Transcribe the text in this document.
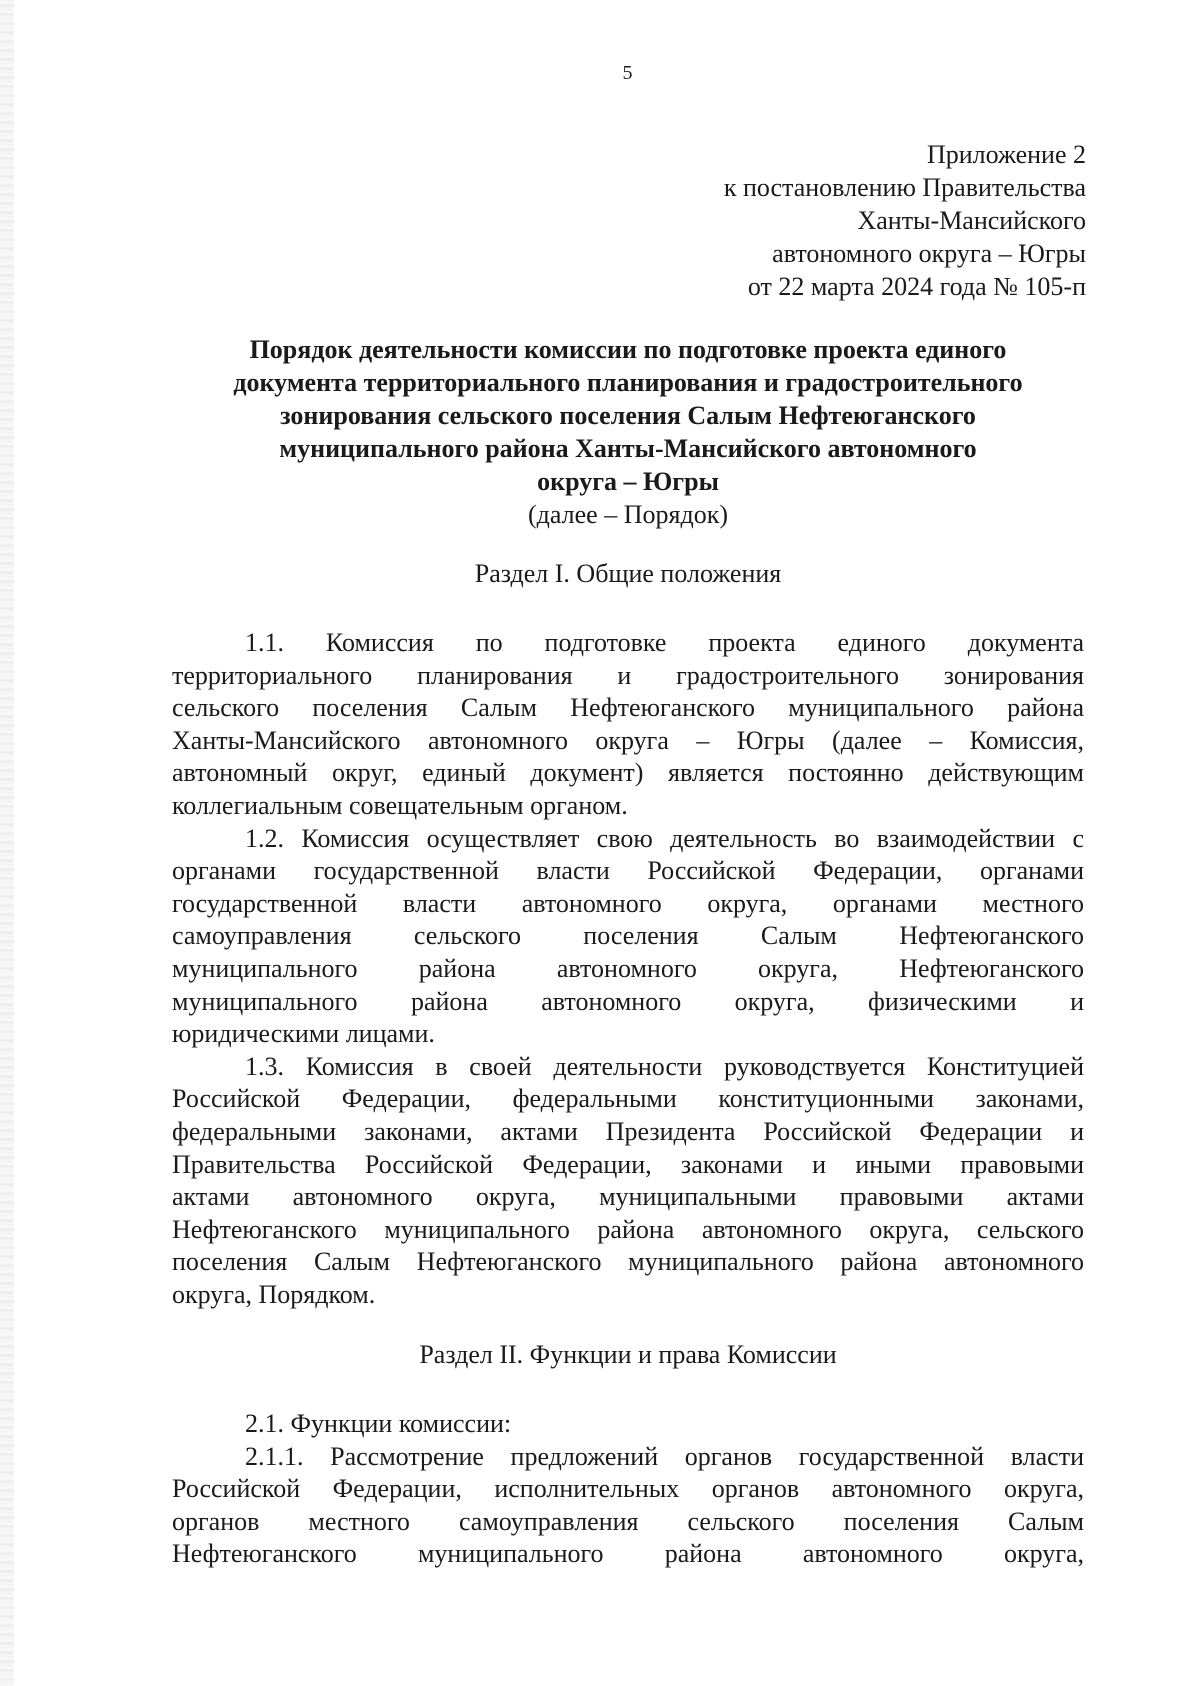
5
Приложение 2
к постановлению Правительства
Ханты-Мансийского
автономного округа – Югры
от 22 марта 2024 года № 105-п
Порядок деятельности комиссии по подготовке проекта единого
документа территориального планирования и градостроительного
зонирования сельского поселения Салым Нефтеюганского
муниципального района Ханты-Мансийского автономного
округа – Югры
(далее – Порядок)
Раздел I. Общие положения
1.1. Комиссия по подготовке проекта единого документа
территориального планирования и градостроительного зонирования
сельского поселения Салым Нефтеюганского муниципального района
Ханты-Мансийского автономного округа – Югры (далее – Комиссия,
автономный округ, единый документ) является постоянно действующим
коллегиальным совещательным органом.
1.2. Комиссия осуществляет свою деятельность во взаимодействии с
органами государственной власти Российской Федерации, органами
государственной власти автономного округа, органами местного
самоуправления сельского поселения Салым Нефтеюганского
муниципального района автономного округа, Нефтеюганского
муниципального района автономного округа, физическими и
юридическими лицами.
1.3. Комиссия в своей деятельности руководствуется Конституцией
Российской Федерации, федеральными конституционными законами,
федеральными законами, актами Президента Российской Федерации и
Правительства Российской Федерации, законами и иными правовыми
актами автономного округа, муниципальными правовыми актами
Нефтеюганского муниципального района автономного округа, сельского
поселения Салым Нефтеюганского муниципального района автономного
округа, Порядком.
Раздел II. Функции и права Комиссии
2.1. Функции комиссии:
2.1.1. Рассмотрение предложений органов государственной власти
Российской Федерации, исполнительных органов автономного округа,
органов местного самоуправления сельского поселения Салым
Нефтеюганского муниципального района автономного округа,
